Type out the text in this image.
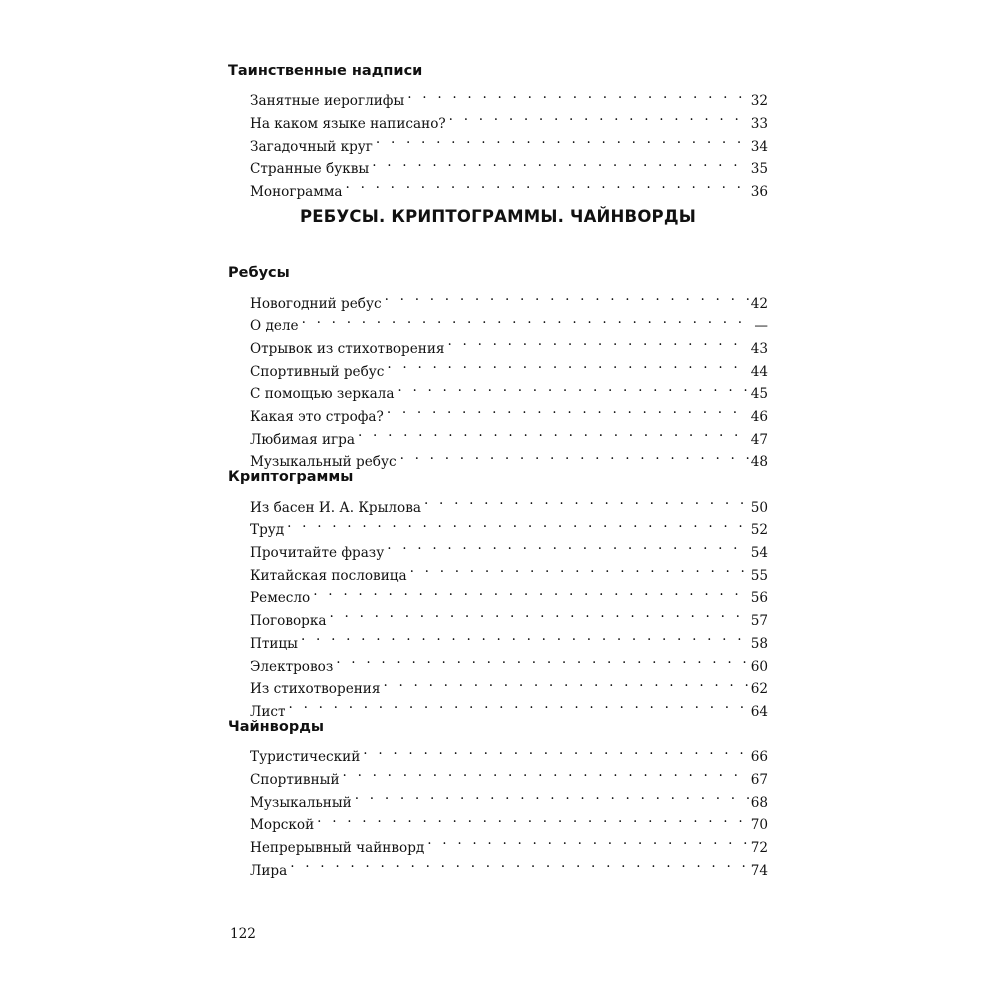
Таинственные надписи
Занятные иероглифы . . .	32
На каком языке написано? . . .	33
Загадочный круг . . .	34
Странные буквы . . .	35
Монограмма . . .	36
РЕБУСЫ. КРИПТОГРАММЫ. ЧАЙНВОРДЫ
Ребусы
Новогодний ребус . . .	42
О деле . . .	—
Отрывок из стихотворения . . .	43
Спортивный ребус . . .	44
С помощью зеркала . . .	45
Какая это строфа? . . .	46
Любимая игра . . .	47
Музыкальный ребус . . .	48
Криптограммы
Из басен И. А. Крылова . . .	50
Труд . . .	52
Прочитайте фразу . . .	54
Китайская пословица . . .	55
Ремесло . . .	56
Поговорка . . .	57
Птицы . . .	58
Электровоз . . .	60
Из стихотворения . . .	62
Лист . . .	64
Чайнворды
Туристический . . .	66
Спортивный . . .	67
Музыкальный . . .	68
Морской . . .	70
Непрерывный чайнворд . . .	72
Лира . . .	74
122
